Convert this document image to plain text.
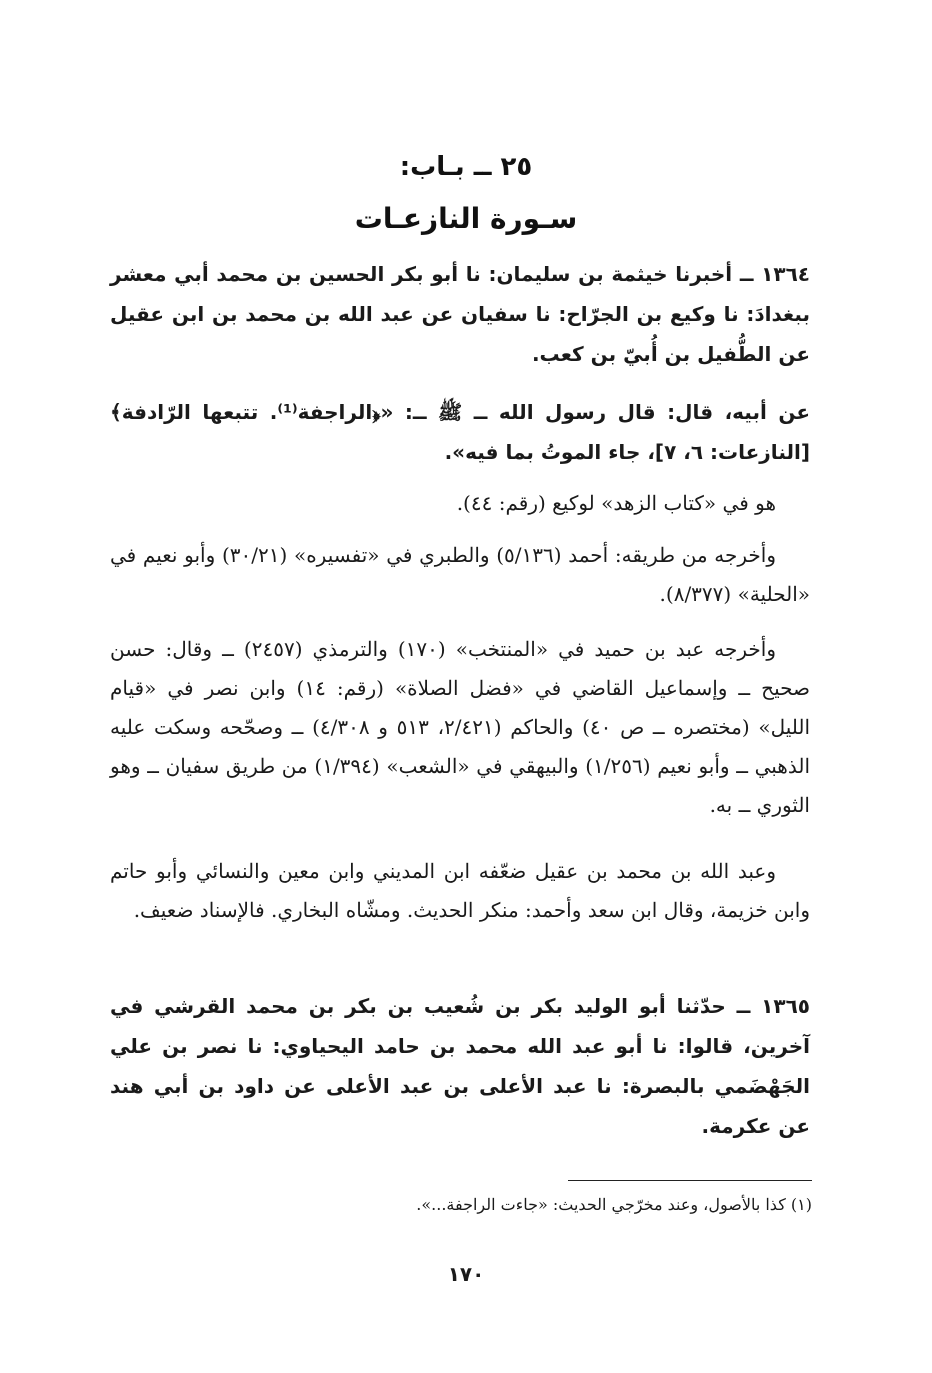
٢٥ ــ بـاب:
سـورة النازعـات

١٣٦٤ ــ أخبرنا خيثمة بن سليمان: نا أبو بكر الحسين بن محمد أبي معشر ببغدادَ: نا وكيع بن الجرّاح: نا سفيان عن عبد الله بن محمد بن ابن عقيل عن الطُّفيل بن أُبيّ بن كعب.

عن أبيه، قال: قال رسول الله ــ ﷺ ــ: «﴿الراجفة⁽¹⁾. تتبعها الرّادفة﴾ [النازعات: ٦، ٧]، جاء الموتُ بما فيه».

هو في «كتاب الزهد» لوكيع (رقم: ٤٤).

وأخرجه من طريقه: أحمد (٥/١٣٦) والطبري في «تفسيره» (٣٠/٢١) وأبو نعيم في «الحلية» (٨/٣٧٧).

وأخرجه عبد بن حميد في «المنتخب» (١٧٠) والترمذي (٢٤٥٧) ــ وقال: حسن صحيح ــ وإسماعيل القاضي في «فضل الصلاة» (رقم: ١٤) وابن نصر في «قيام الليل» (مختصره ــ ص ٤٠) والحاكم (٢/٤٢١، ٥١٣ و ٤/٣٠٨) ــ وصحّحه وسكت عليه الذهبي ــ وأبو نعيم (١/٢٥٦) والبيهقي في «الشعب» (١/٣٩٤) من طريق سفيان ــ وهو الثوري ــ به.

وعبد الله بن محمد بن عقيل ضعّفه ابن المديني وابن معين والنسائي وأبو حاتم وابن خزيمة، وقال ابن سعد وأحمد: منكر الحديث. ومشّاه البخاري. فالإسناد ضعيف.

١٣٦٥ ــ حدّثنا أبو الوليد بكر بن شُعيب بن بكر بن محمد القرشي في آخرين، قالوا: نا أبو عبد الله محمد بن حامد اليحياوي: نا نصر بن علي الجَهْضَمي بالبصرة: نا عبد الأعلى بن عبد الأعلى عن داود بن أبي هند عن عكرمة.

(١) كذا بالأصول، وعند مخرّجي الحديث: «جاءت الراجفة...».
١٧٠
